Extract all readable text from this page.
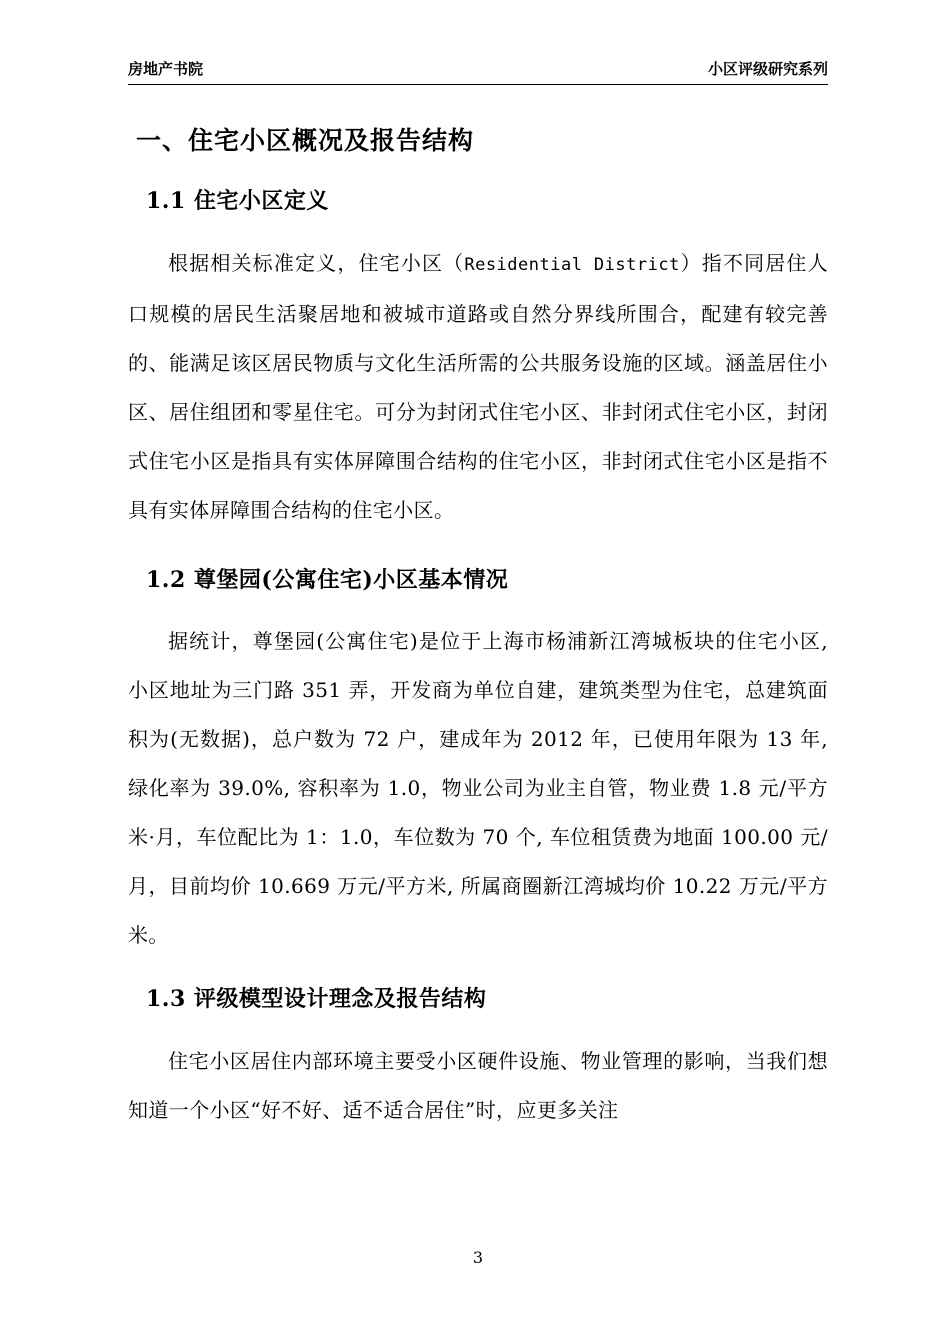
房地产书院	小区评级研究系列
一、住宅小区概况及报告结构
1.1 住宅小区定义

根据相关标准定义，住宅小区（Residential District）指不同居住人口规模的居民生活聚居地和被城市道路或自然分界线所围合，配建有较完善的、能满足该区居民物质与文化生活所需的公共服务设施的区域。涵盖居住小区、居住组团和零星住宅。可分为封闭式住宅小区、非封闭式住宅小区，封闭式住宅小区是指具有实体屏障围合结构的住宅小区，非封闭式住宅小区是指不具有实体屏障围合结构的住宅小区。

1.2 尊堡园(公寓住宅)小区基本情况

据统计，尊堡园(公寓住宅)是位于上海市杨浦新江湾城板块的住宅小区, 小区地址为三门路 351 弄，开发商为单位自建，建筑类型为住宅，总建筑面积为(无数据)，总户数为 72 户，建成年为 2012 年，已使用年限为 13 年, 绿化率为 39.0%, 容积率为 1.0，物业公司为业主自管，物业费 1.8 元/平方米·月，车位配比为 1：1.0，车位数为 70 个, 车位租赁费为地面 100.00 元/月，目前均价 10.669 万元/平方米, 所属商圈新江湾城均价 10.22 万元/平方米。

1.3 评级模型设计理念及报告结构

住宅小区居住内部环境主要受小区硬件设施、物业管理的影响，当我们想知道一个小区“好不好、适不适合居住”时，应更多关注

3
